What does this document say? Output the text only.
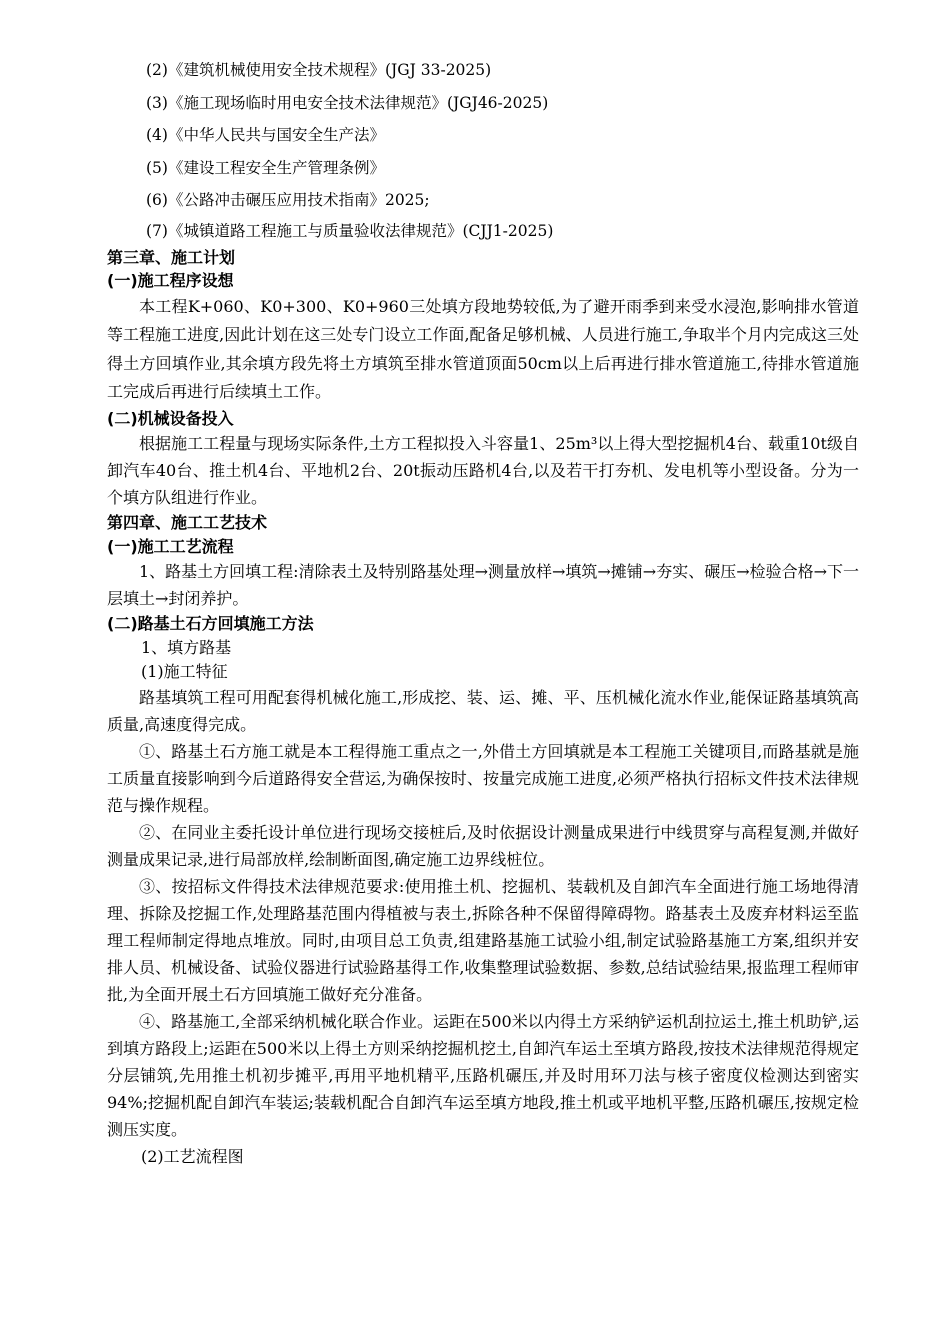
(2)《建筑机械使用安全技术规程》(JGJ 33-2025)
(3)《施工现场临时用电安全技术法律规范》(JGJ46-2025)
(4)《中华人民共与国安全生产法》
(5)《建设工程安全生产管理条例》
(6)《公路冲击碾压应用技术指南》2025;
(7)《城镇道路工程施工与质量验收法律规范》(CJJ1-2025)
第三章、施工计划
(一)施工程序设想

本工程K+060、K0+300、K0+960三处填方段地势较低,为了避开雨季到来受水浸泡,影响排水管道等工程施工进度,因此计划在这三处专门设立工作面,配备足够机械、人员进行施工,争取半个月内完成这三处得土方回填作业,其余填方段先将土方填筑至排水管道顶面50cm以上后再进行排水管道施工,待排水管道施工完成后再进行后续填土工作。

(二)机械设备投入

根据施工工程量与现场实际条件,土方工程拟投入斗容量1、25m³以上得大型挖掘机4台、载重10t级自卸汽车40台、推土机4台、平地机2台、20t振动压路机4台,以及若干打夯机、发电机等小型设备。分为一个填方队组进行作业。

第四章、施工工艺技术
(一)施工工艺流程

1、路基土方回填工程:清除表土及特别路基处理→测量放样→填筑→摊铺→夯实、碾压→检验合格→下一层填土→封闭养护。

(二)路基土石方回填施工方法
1、填方路基
(1)施工特征

路基填筑工程可用配套得机械化施工,形成挖、装、运、摊、平、压机械化流水作业,能保证路基填筑高质量,高速度得完成。

①、路基土石方施工就是本工程得施工重点之一,外借土方回填就是本工程施工关键项目,而路基就是施工质量直接影响到今后道路得安全营运,为确保按时、按量完成施工进度,必须严格执行招标文件技术法律规范与操作规程。

②、在同业主委托设计单位进行现场交接桩后,及时依据设计测量成果进行中线贯穿与高程复测,并做好测量成果记录,进行局部放样,绘制断面图,确定施工边界线桩位。

③、按招标文件得技术法律规范要求:使用推土机、挖掘机、装载机及自卸汽车全面进行施工场地得清理、拆除及挖掘工作,处理路基范围内得植被与表土,拆除各种不保留得障碍物。路基表土及废弃材料运至监理工程师制定得地点堆放。同时,由项目总工负责,组建路基施工试验小组,制定试验路基施工方案,组织并安排人员、机械设备、试验仪器进行试验路基得工作,收集整理试验数据、参数,总结试验结果,报监理工程师审批,为全面开展土石方回填施工做好充分准备。

④、路基施工,全部采纳机械化联合作业。运距在500米以内得土方采纳铲运机刮拉运土,推土机助铲,运到填方路段上;运距在500米以上得土方则采纳挖掘机挖土,自卸汽车运土至填方路段,按技术法律规范得规定分层铺筑,先用推土机初步摊平,再用平地机精平,压路机碾压,并及时用环刀法与核子密度仪检测达到密实94%;挖掘机配自卸汽车装运;装载机配合自卸汽车运至填方地段,推土机或平地机平整,压路机碾压,按规定检测压实度。

(2)工艺流程图
